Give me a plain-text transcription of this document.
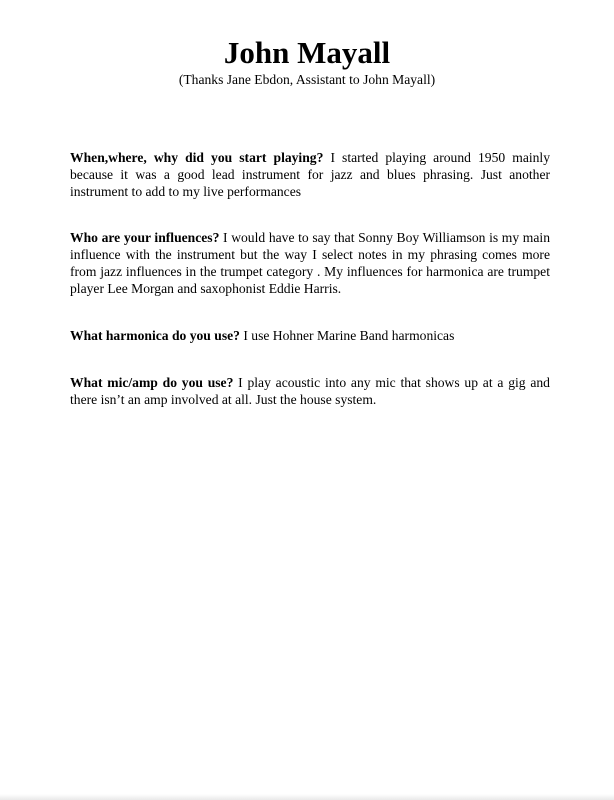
John Mayall

(Thanks Jane Ebdon, Assistant to John Mayall)

When,where, why did you start playing? I started playing around 1950 mainly because it was a good lead instrument for jazz and blues phrasing. Just another instrument to add to my live performances

Who are your influences? I would have to say that Sonny Boy Williamson is my main influence with the instrument but the way I select notes in my phrasing comes more from jazz influences in the trumpet category . My influences for harmonica are trumpet player Lee Morgan and saxophonist Eddie Harris.

What harmonica do you use? I use Hohner Marine Band harmonicas

What mic/amp do you use? I play acoustic into any mic that shows up at a gig and there isn’t an amp involved at all. Just the house system.
